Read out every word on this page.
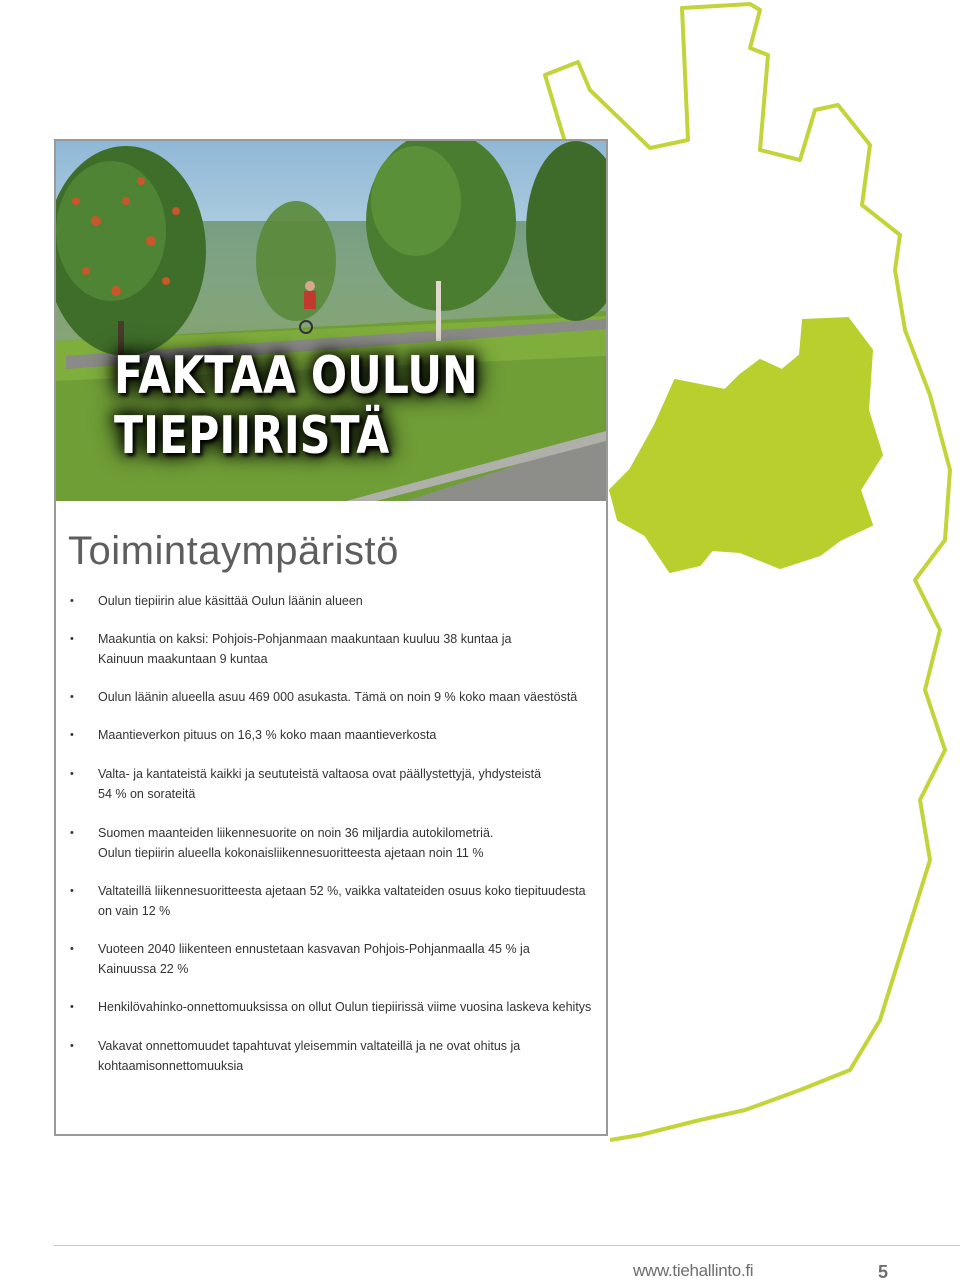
FAKTAA OULUN
TIEPIIRISTÄ
Toimintaympäristö
• Oulun tiepiirin alue käsittää Oulun läänin alueen
• Maakuntia on kaksi: Pohjois-Pohjanmaan maakuntaan kuuluu 38 kuntaa ja
Kainuun maakuntaan 9 kuntaa
• Oulun läänin alueella asuu 469 000 asukasta. Tämä on noin 9 % koko maan väestöstä
• Maantieverkon pituus on 16,3 % koko maan maantieverkosta
• Valta- ja kantateistä kaikki ja seututeistä valtaosa ovat päällystettyjä, yhdysteistä
54 % on sorateitä
• Suomen maanteiden liikennesuorite on noin 36 miljardia autokilometriä.
Oulun tiepiirin alueella kokonaisliikennesuoritteesta ajetaan noin 11 %
• Valtateillä liikennesuoritteesta ajetaan 52 %, vaikka valtateiden osuus koko tiepituudesta
on vain 12 %
• Vuoteen 2040 liikenteen ennustetaan kasvavan Pohjois-Pohjanmaalla 45 % ja
Kainuussa 22 %
• Henkilövahinko-onnettomuuksissa on ollut Oulun tiepiirissä viime vuosina laskeva kehitys
• Vakavat onnettomuudet tapahtuvat yleisemmin valtateillä ja ne ovat ohitus ja
kohtaamisonnettomuuksia
www.tiehallinto.fi	5
